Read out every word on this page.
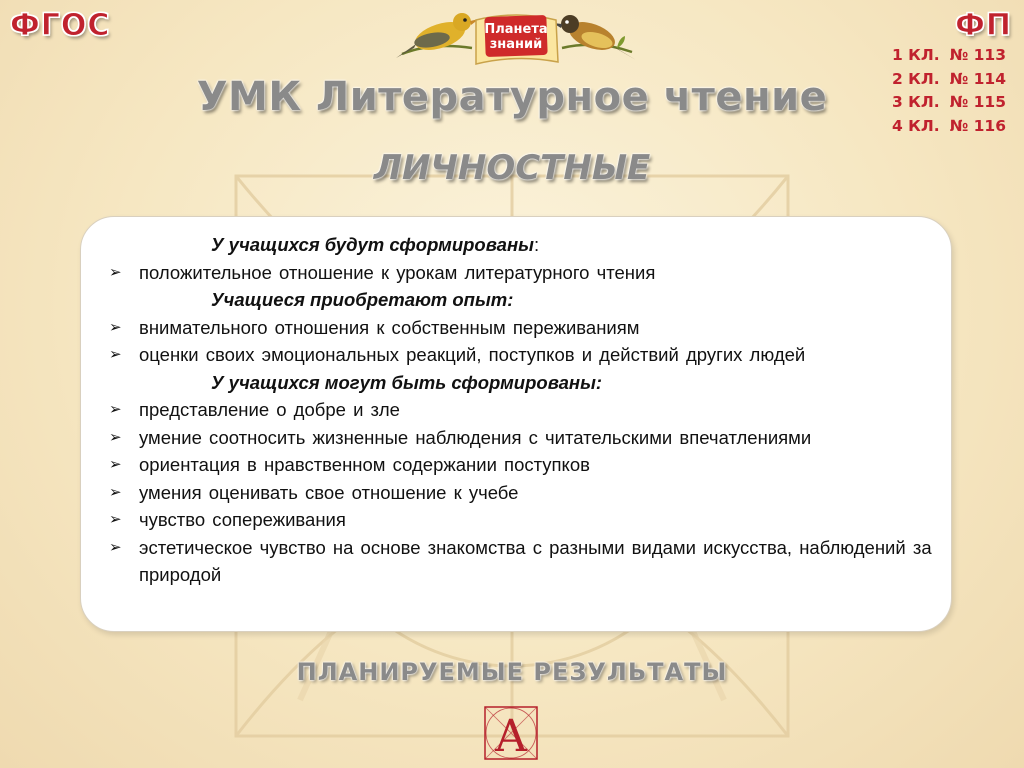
ФГОС	ФП
1 КЛ. № 113
2 КЛ. № 114
3 КЛ. № 115
4 КЛ. № 116
Планета
знаний
УМК Литературное чтение
ЛИЧНОСТНЫЕ
У учащихся будут сформированы:
➢ положительное отношение к урокам литературного чтения
Учащиеся приобретают опыт:
➢ внимательного отношения к собственным переживаниям
➢ оценки своих эмоциональных реакций, поступков и действий других людей
У учащихся могут быть сформированы:
➢ представление о добре и зле
➢ умение соотносить жизненные наблюдения с читательскими впечатлениями
➢ ориентация в нравственном содержании поступков
➢ умения оценивать свое отношение к учебе
➢ чувство сопереживания
➢ эстетическое чувство на основе знакомства с разными видами искусства, наблюдений за природой
ПЛАНИРУЕМЫЕ РЕЗУЛЬТАТЫ
А
